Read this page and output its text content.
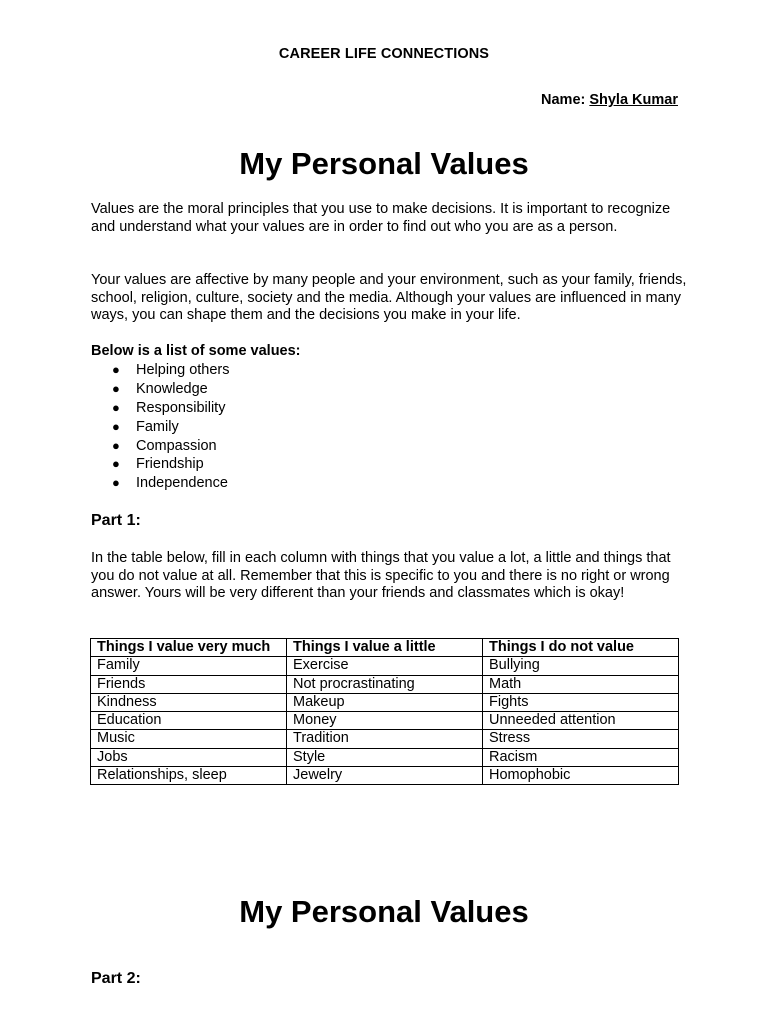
CAREER LIFE CONNECTIONS
Name: Shyla Kumar
My Personal Values

Values are the moral principles that you use to make decisions. It is important to recognize and understand what your values are in order to find out who you are as a person.

Your values are affective by many people and your environment, such as your family, friends, school, religion, culture, society and the media. Although your values are influenced in many ways, you can shape them and the decisions you make in your life.

Below is a list of some values:
● Helping others
● Knowledge
● Responsibility
● Family
● Compassion
● Friendship
● Independence
Part 1:

In the table below, fill in each column with things that you value a lot, a little and things that you do not value at all. Remember that this is specific to you and there is no right or wrong answer. Yours will be very different than your friends and classmates which is okay!

Things I value very much	Things I value a little	Things I do not value
Family	Exercise	Bullying
Friends	Not procrastinating	Math
Kindness	Makeup	Fights
Education	Money	Unneeded attention
Music	Tradition	Stress
Jobs	Style	Racism
Relationships, sleep	Jewelry	Homophobic
My Personal Values
Part 2:
